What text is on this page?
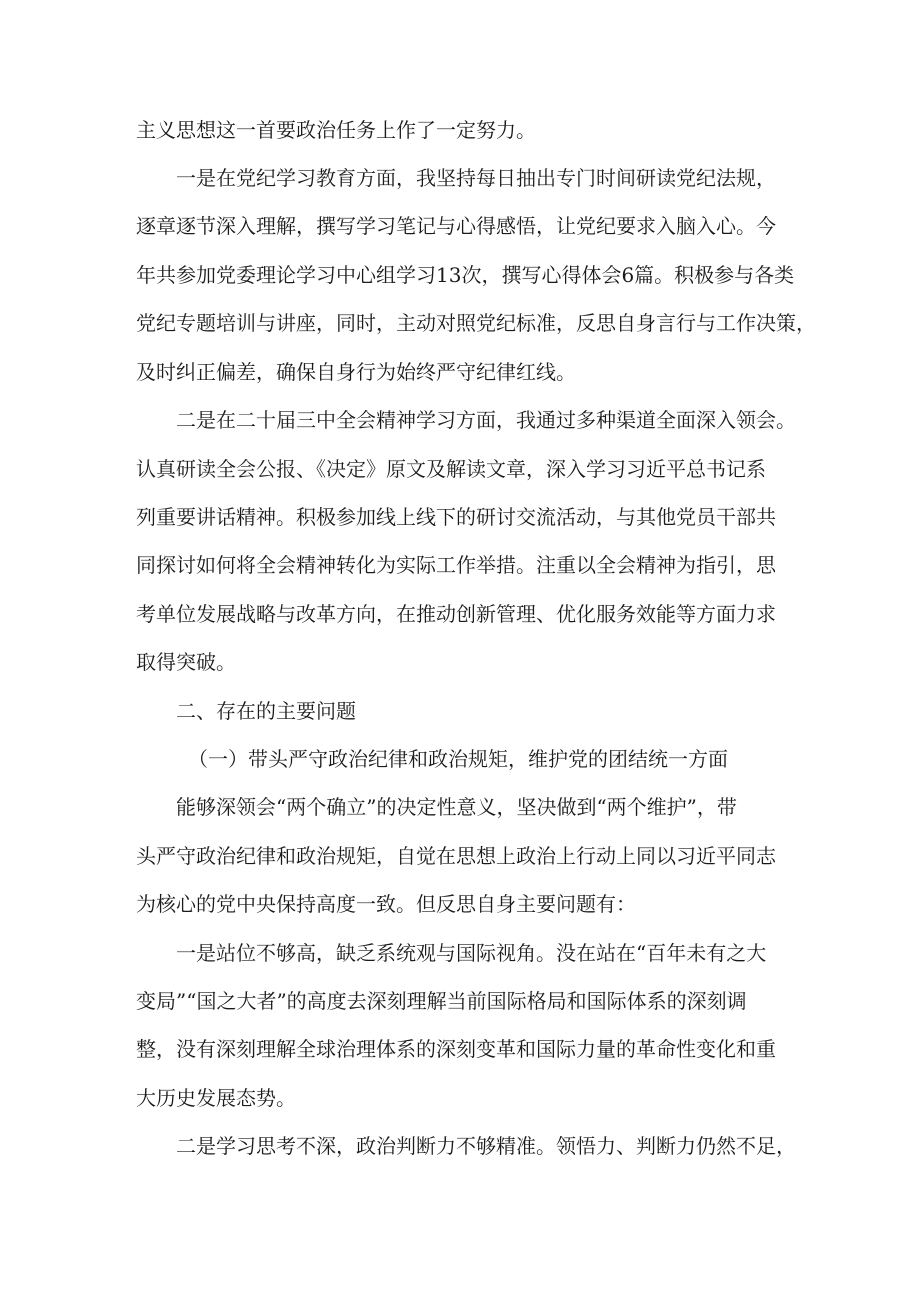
主义思想这一首要政治任务上作了一定努力。
一是在党纪学习教育方面，我坚持每日抽出专门时间研读党纪法规，
逐章逐节深入理解，撰写学习笔记与心得感悟，让党纪要求入脑入心。今
年共参加党委理论学习中心组学习13次，撰写心得体会6篇。积极参与各类
党纪专题培训与讲座，同时，主动对照党纪标准，反思自身言行与工作决策，
及时纠正偏差，确保自身行为始终严守纪律红线。
二是在二十届三中全会精神学习方面，我通过多种渠道全面深入领会。
认真研读全会公报、《决定》原文及解读文章，深入学习习近平总书记系
列重要讲话精神。积极参加线上线下的研讨交流活动，与其他党员干部共
同探讨如何将全会精神转化为实际工作举措。注重以全会精神为指引，思
考单位发展战略与改革方向，在推动创新管理、优化服务效能等方面力求
取得突破。
二、存在的主要问题
（一）带头严守政治纪律和政治规矩，维护党的团结统一方面
能够深领会“两个确立”的决定性意义，坚决做到“两个维护”，带
头严守政治纪律和政治规矩，自觉在思想上政治上行动上同以习近平同志
为核心的党中央保持高度一致。但反思自身主要问题有：
一是站位不够高，缺乏系统观与国际视角。没在站在“百年未有之大
变局”“国之大者”的高度去深刻理解当前国际格局和国际体系的深刻调
整，没有深刻理解全球治理体系的深刻变革和国际力量的革命性变化和重
大历史发展态势。
二是学习思考不深，政治判断力不够精准。领悟力、判断力仍然不足，
